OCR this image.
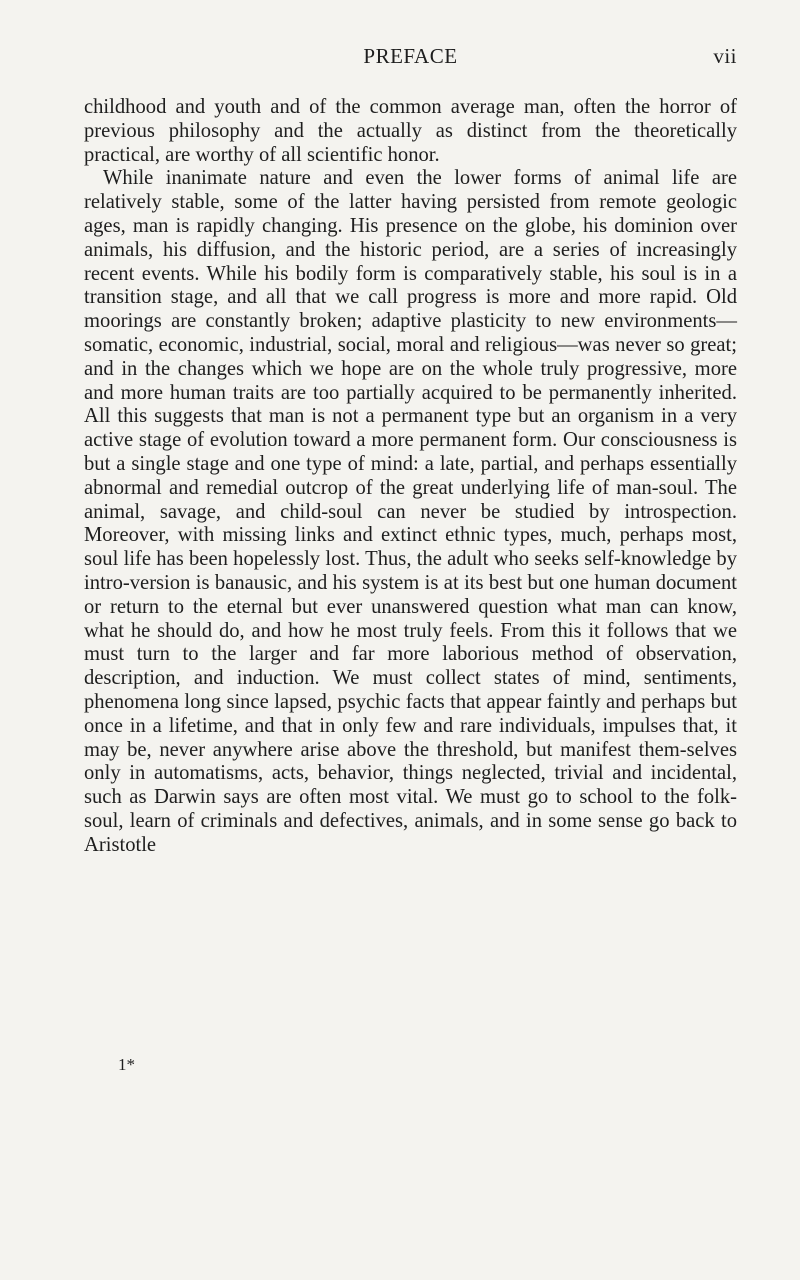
PREFACE	vii

childhood and youth and of the common average man, often the horror of previous philosophy and the actually as distinct from the theoretically practical, are worthy of all scientific honor.

While inanimate nature and even the lower forms of animal life are relatively stable, some of the latter having persisted from remote geologic ages, man is rapidly changing. His presence on the globe, his dominion over animals, his diffusion, and the historic period, are a series of increasingly recent events. While his bodily form is comparatively stable, his soul is in a transition stage, and all that we call progress is more and more rapid. Old moorings are constantly broken; adaptive plasticity to new environments—somatic, economic, industrial, social, moral and religious—was never so great; and in the changes which we hope are on the whole truly progressive, more and more human traits are too partially acquired to be permanently inherited. All this suggests that man is not a permanent type but an organism in a very active stage of evolution toward a more permanent form. Our consciousness is but a single stage and one type of mind: a late, partial, and perhaps essentially abnormal and remedial outcrop of the great underlying life of man-soul. The animal, savage, and child-soul can never be studied by introspection. Moreover, with missing links and extinct ethnic types, much, perhaps most, soul life has been hopelessly lost. Thus, the adult who seeks self-knowledge by intro-version is banausic, and his system is at its best but one human document or return to the eternal but ever unanswered question what man can know, what he should do, and how he most truly feels. From this it follows that we must turn to the larger and far more laborious method of observation, description, and induction. We must collect states of mind, sentiments, phenomena long since lapsed, psychic facts that appear faintly and perhaps but once in a lifetime, and that in only few and rare individuals, impulses that, it may be, never anywhere arise above the threshold, but manifest them-selves only in automatisms, acts, behavior, things neglected, trivial and incidental, such as Darwin says are often most vital. We must go to school to the folk-soul, learn of criminals and defectives, animals, and in some sense go back to Aristotle

1*
